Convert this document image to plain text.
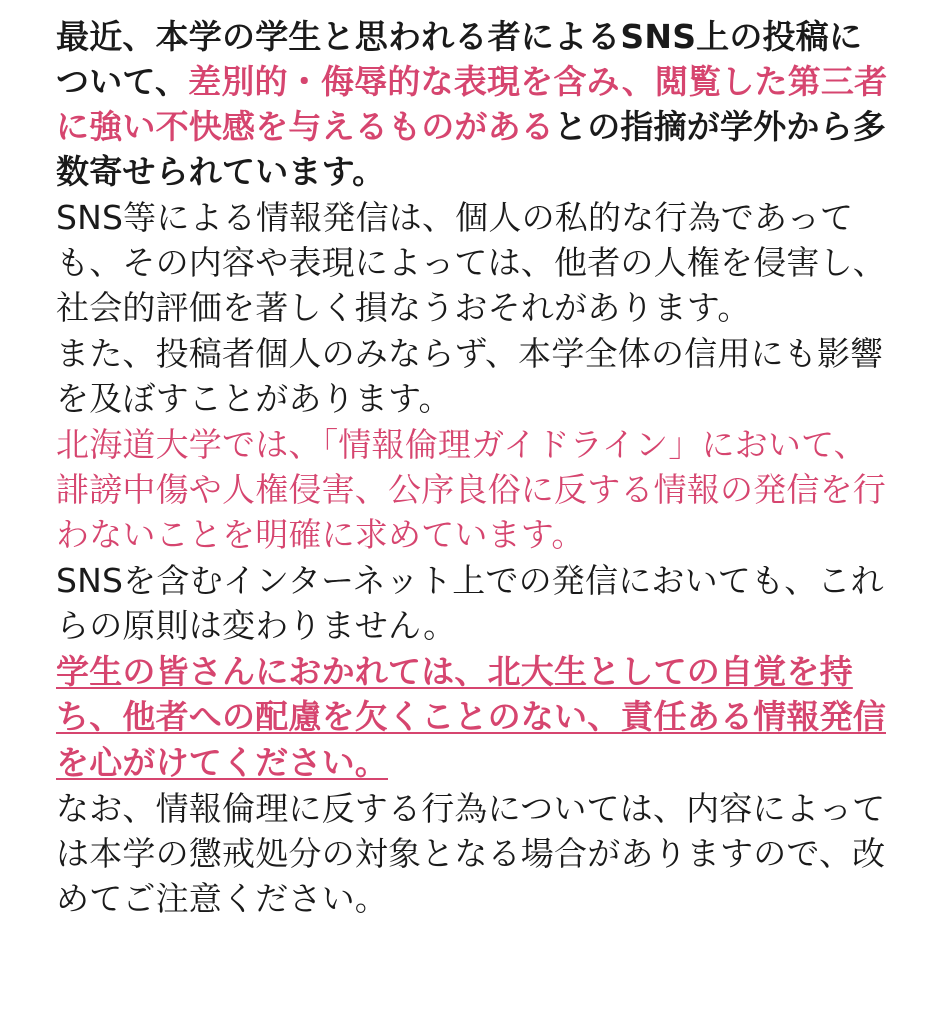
最近、本学の学生と思われる者によるSNS上の投稿について、差別的・侮辱的な表現を含み、閲覧した第三者に強い不快感を与えるものがあるとの指摘が学外から多数寄せられています。

SNS等による情報発信は、個人の私的な行為であっても、その内容や表現によっては、他者の人権を侵害し、社会的評価を著しく損なうおそれがあります。

また、投稿者個人のみならず、本学全体の信用にも影響を及ぼすことがあります。

北海道大学では、「情報倫理ガイドライン」において、誹謗中傷や人権侵害、公序良俗に反する情報の発信を行わないことを明確に求めています。

SNSを含むインターネット上での発信においても、これらの原則は変わりません。

学生の皆さんにおかれては、北大生としての自覚を持ち、他者への配慮を欠くことのない、責任ある情報発信を心がけてください。

なお、情報倫理に反する行為については、内容によっては本学の懲戒処分の対象となる場合がありますので、改めてご注意ください。
